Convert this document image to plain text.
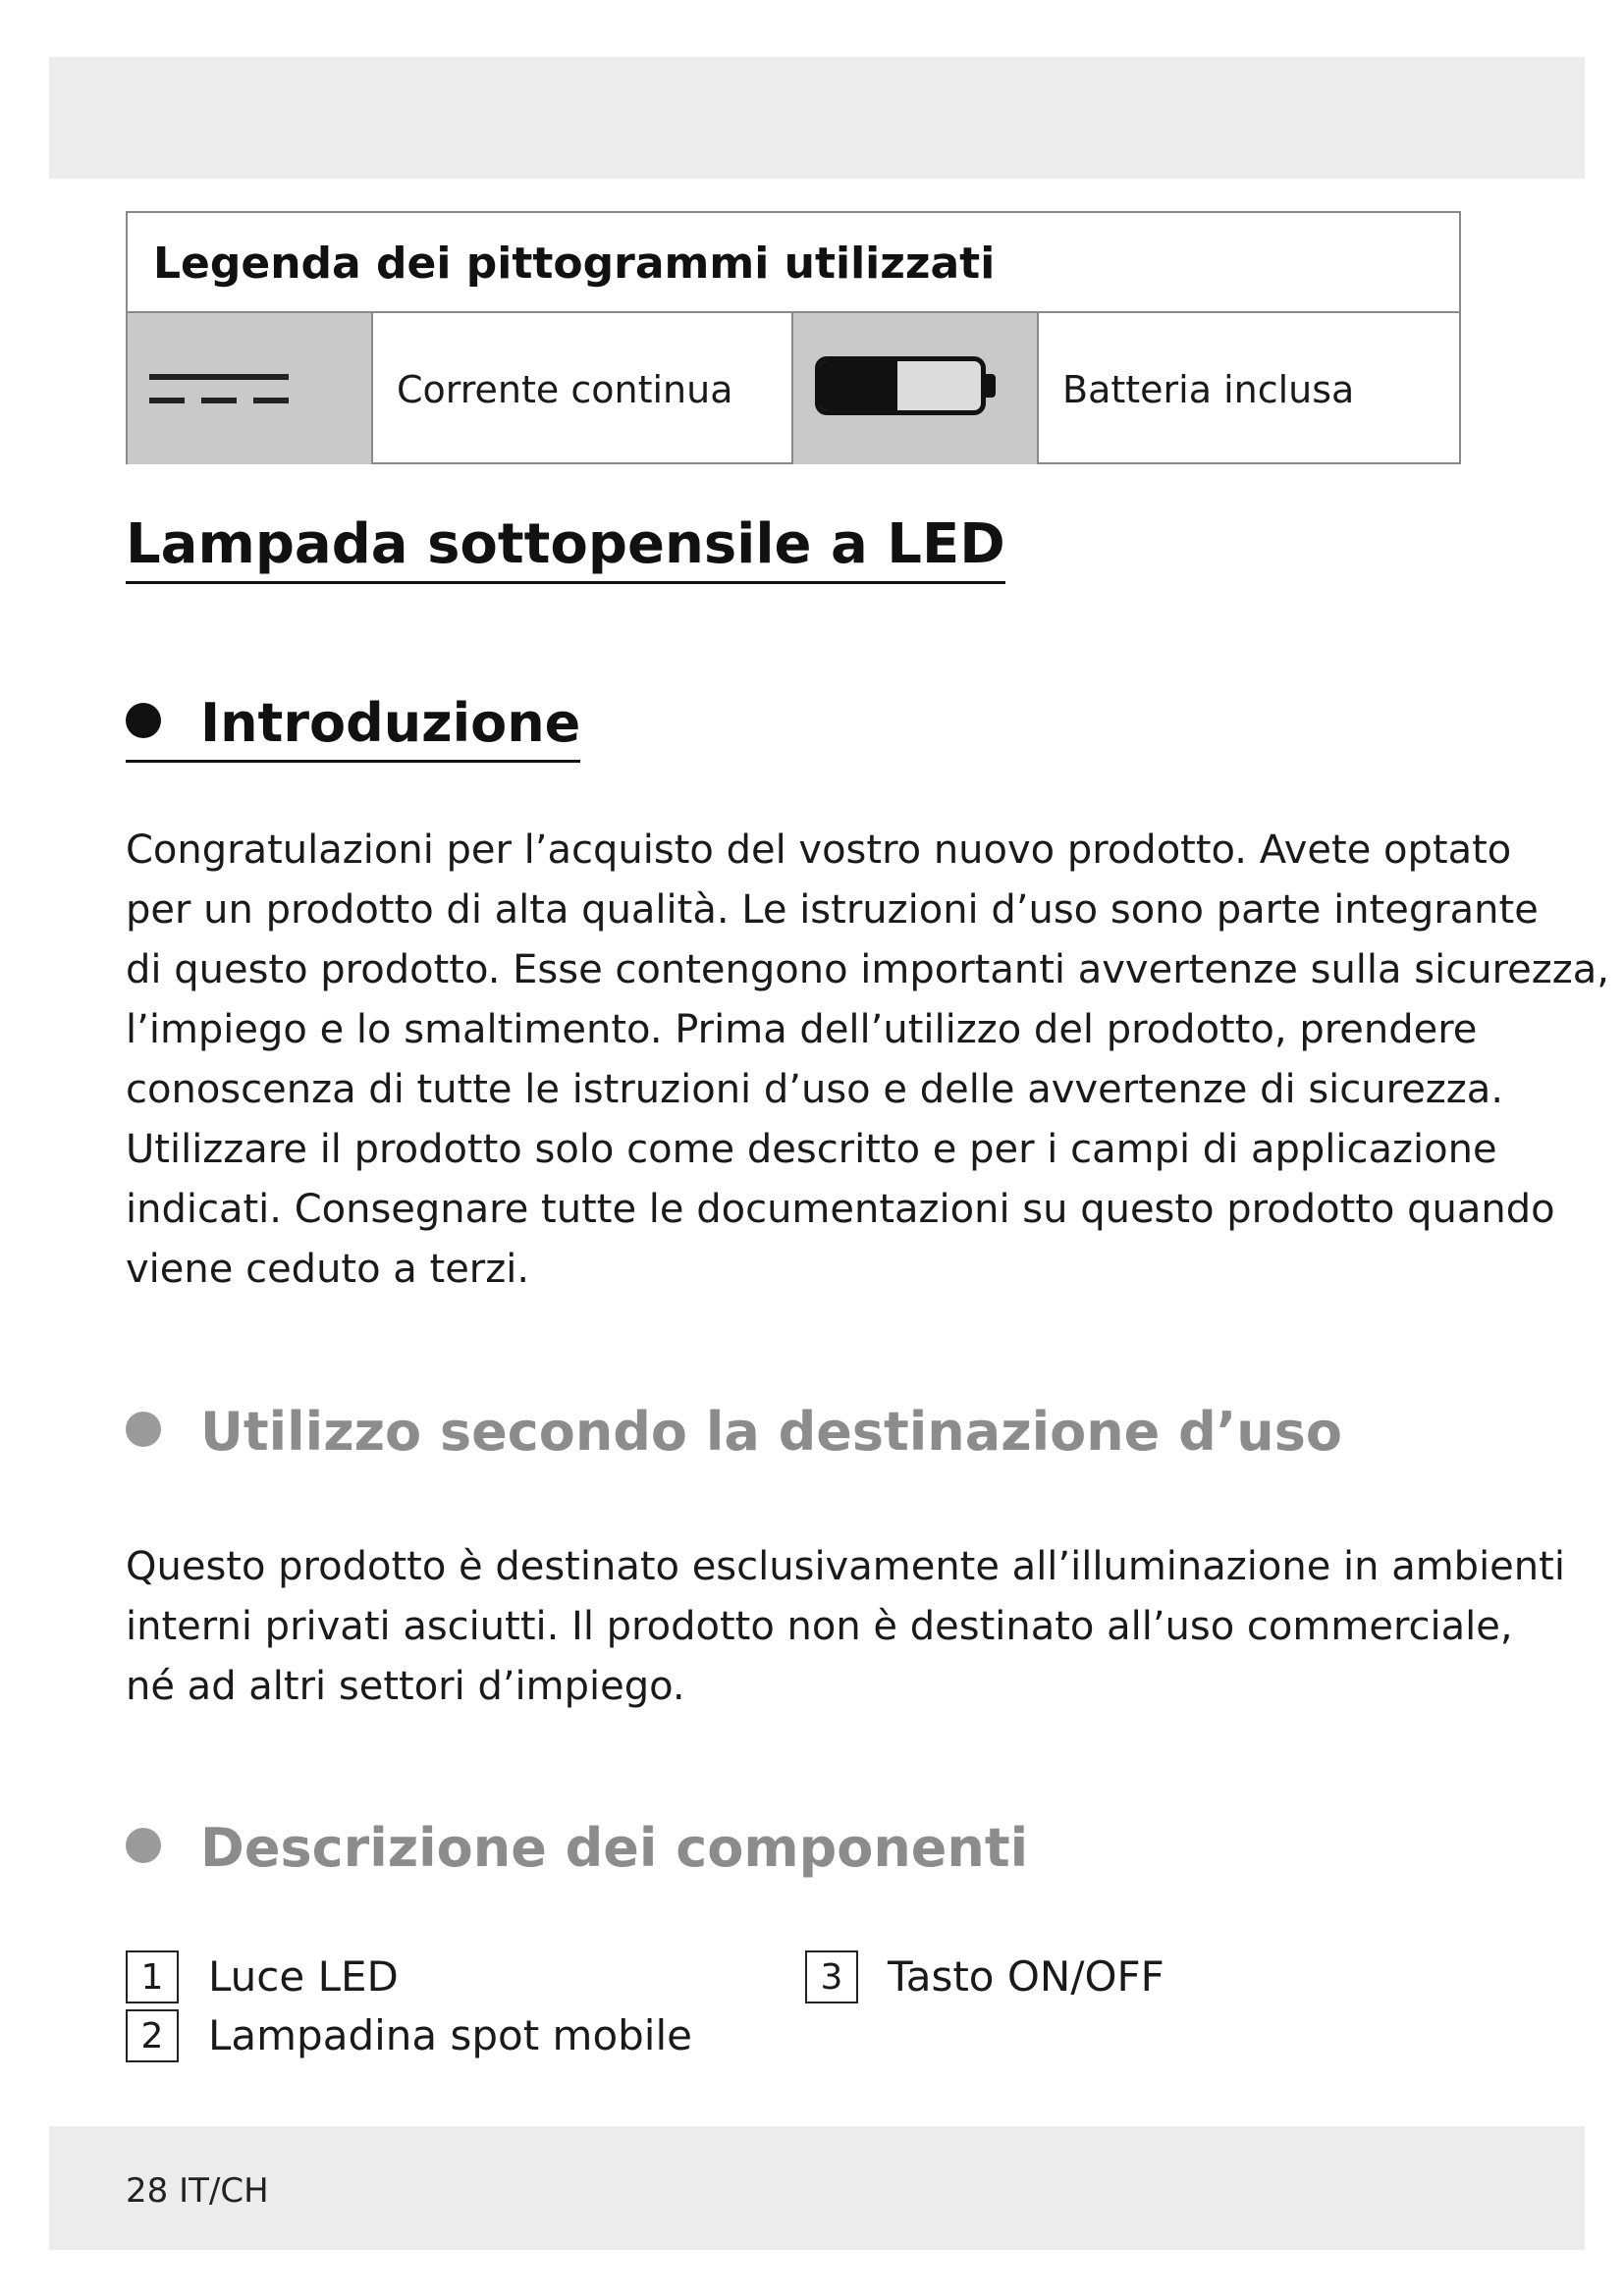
Legenda dei pittogrammi utilizzati
Corrente continua	Batteria inclusa
Lampada sottopensile a LED
Introduzione
Congratulazioni per l’acquisto del vostro nuovo prodotto. Avete optato
per un prodotto di alta qualità. Le istruzioni d’uso sono parte integrante
di questo prodotto. Esse contengono importanti avvertenze sulla sicurezza,
l’impiego e lo smaltimento. Prima dell’utilizzo del prodotto, prendere
conoscenza di tutte le istruzioni d’uso e delle avvertenze di sicurezza.
Utilizzare il prodotto solo come descritto e per i campi di applicazione
indicati. Consegnare tutte le documentazioni su questo prodotto quando
viene ceduto a terzi.
Utilizzo secondo la destinazione d’uso
Questo prodotto è destinato esclusivamente all’illuminazione in ambienti
interni privati asciutti. Il prodotto non è destinato all’uso commerciale,
né ad altri settori d’impiego.
Descrizione dei componenti
1 Luce LED
2 Lampadina spot mobile
3 Tasto ON/OFF
28 IT/CH
